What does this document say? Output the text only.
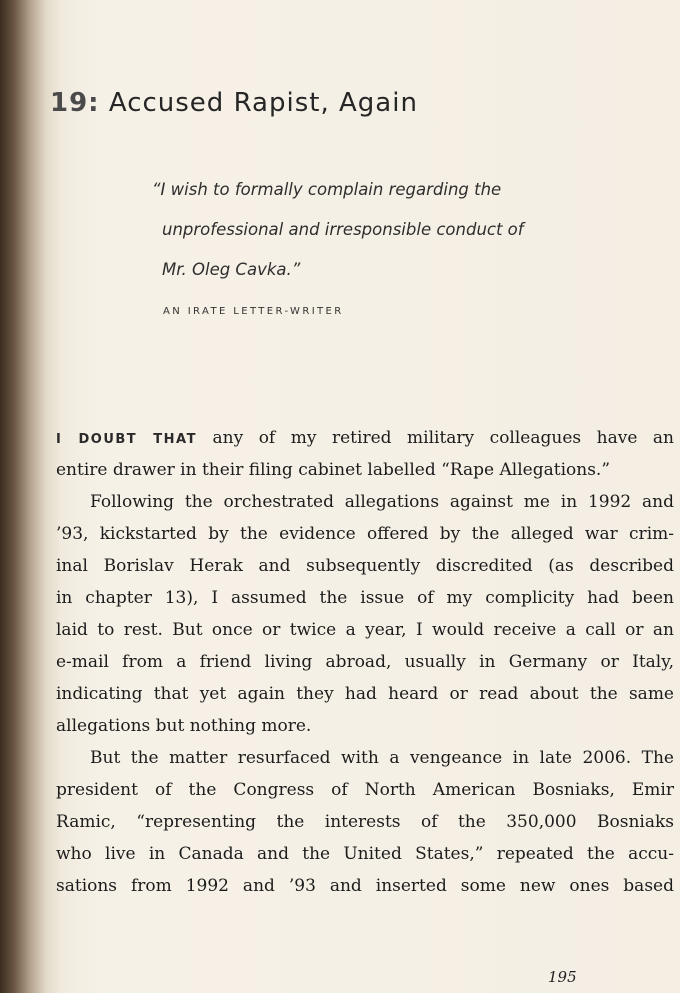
19: Accused Rapist, Again
“I wish to formally complain regarding the
unprofessional and irresponsible conduct of
Mr. Oleg Cavka.”
AN IRATE LETTER-WRITER
I DOUBT THAT any of my retired military colleagues have an
entire drawer in their filing cabinet labelled “Rape Allegations.”
Following the orchestrated allegations against me in 1992 and
’93, kickstarted by the evidence offered by the alleged war crim-
inal Borislav Herak and subsequently discredited (as described
in chapter 13), I assumed the issue of my complicity had been
laid to rest. But once or twice a year, I would receive a call or an
e-mail from a friend living abroad, usually in Germany or Italy,
indicating that yet again they had heard or read about the same
allegations but nothing more.
But the matter resurfaced with a vengeance in late 2006. The
president of the Congress of North American Bosniaks, Emir
Ramic, “representing the interests of the 350,000 Bosniaks
who live in Canada and the United States,” repeated the accu-
sations from 1992 and ’93 and inserted some new ones based
195
